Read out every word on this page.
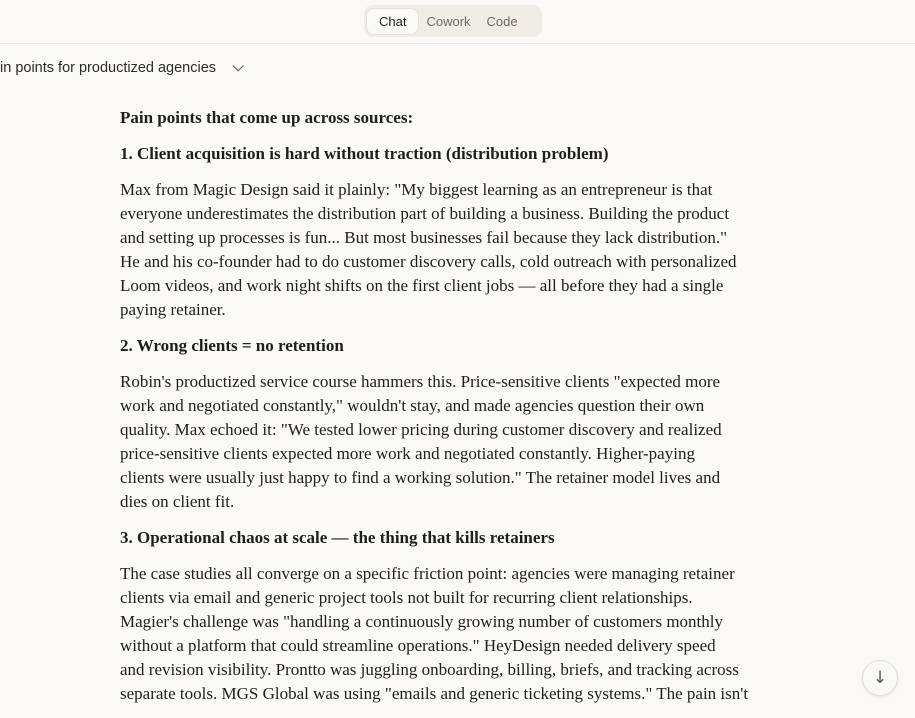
Chat	Cowork	Code
in points for productized agencies
Pain points that come up across sources:
1. Client acquisition is hard without traction (distribution problem)

Max from Magic Design said it plainly: "My biggest learning as an entrepreneur is that
everyone underestimates the distribution part of building a business. Building the product
and setting up processes is fun... But most businesses fail because they lack distribution."
He and his co-founder had to do customer discovery calls, cold outreach with personalized
Loom videos, and work night shifts on the first client jobs — all before they had a single
paying retainer.

2. Wrong clients = no retention

Robin's productized service course hammers this. Price-sensitive clients "expected more
work and negotiated constantly," wouldn't stay, and made agencies question their own
quality. Max echoed it: "We tested lower pricing during customer discovery and realized
price-sensitive clients expected more work and negotiated constantly. Higher-paying
clients were usually just happy to find a working solution." The retainer model lives and
dies on client fit.

3. Operational chaos at scale — the thing that kills retainers

The case studies all converge on a specific friction point: agencies were managing retainer
clients via email and generic project tools not built for recurring client relationships.
Magier's challenge was "handling a continuously growing number of customers monthly
without a platform that could streamline operations." HeyDesign needed delivery speed
and revision visibility. Prontto was juggling onboarding, billing, briefs, and tracking across
separate tools. MGS Global was using "emails and generic ticketing systems." The pain isn't

↓
